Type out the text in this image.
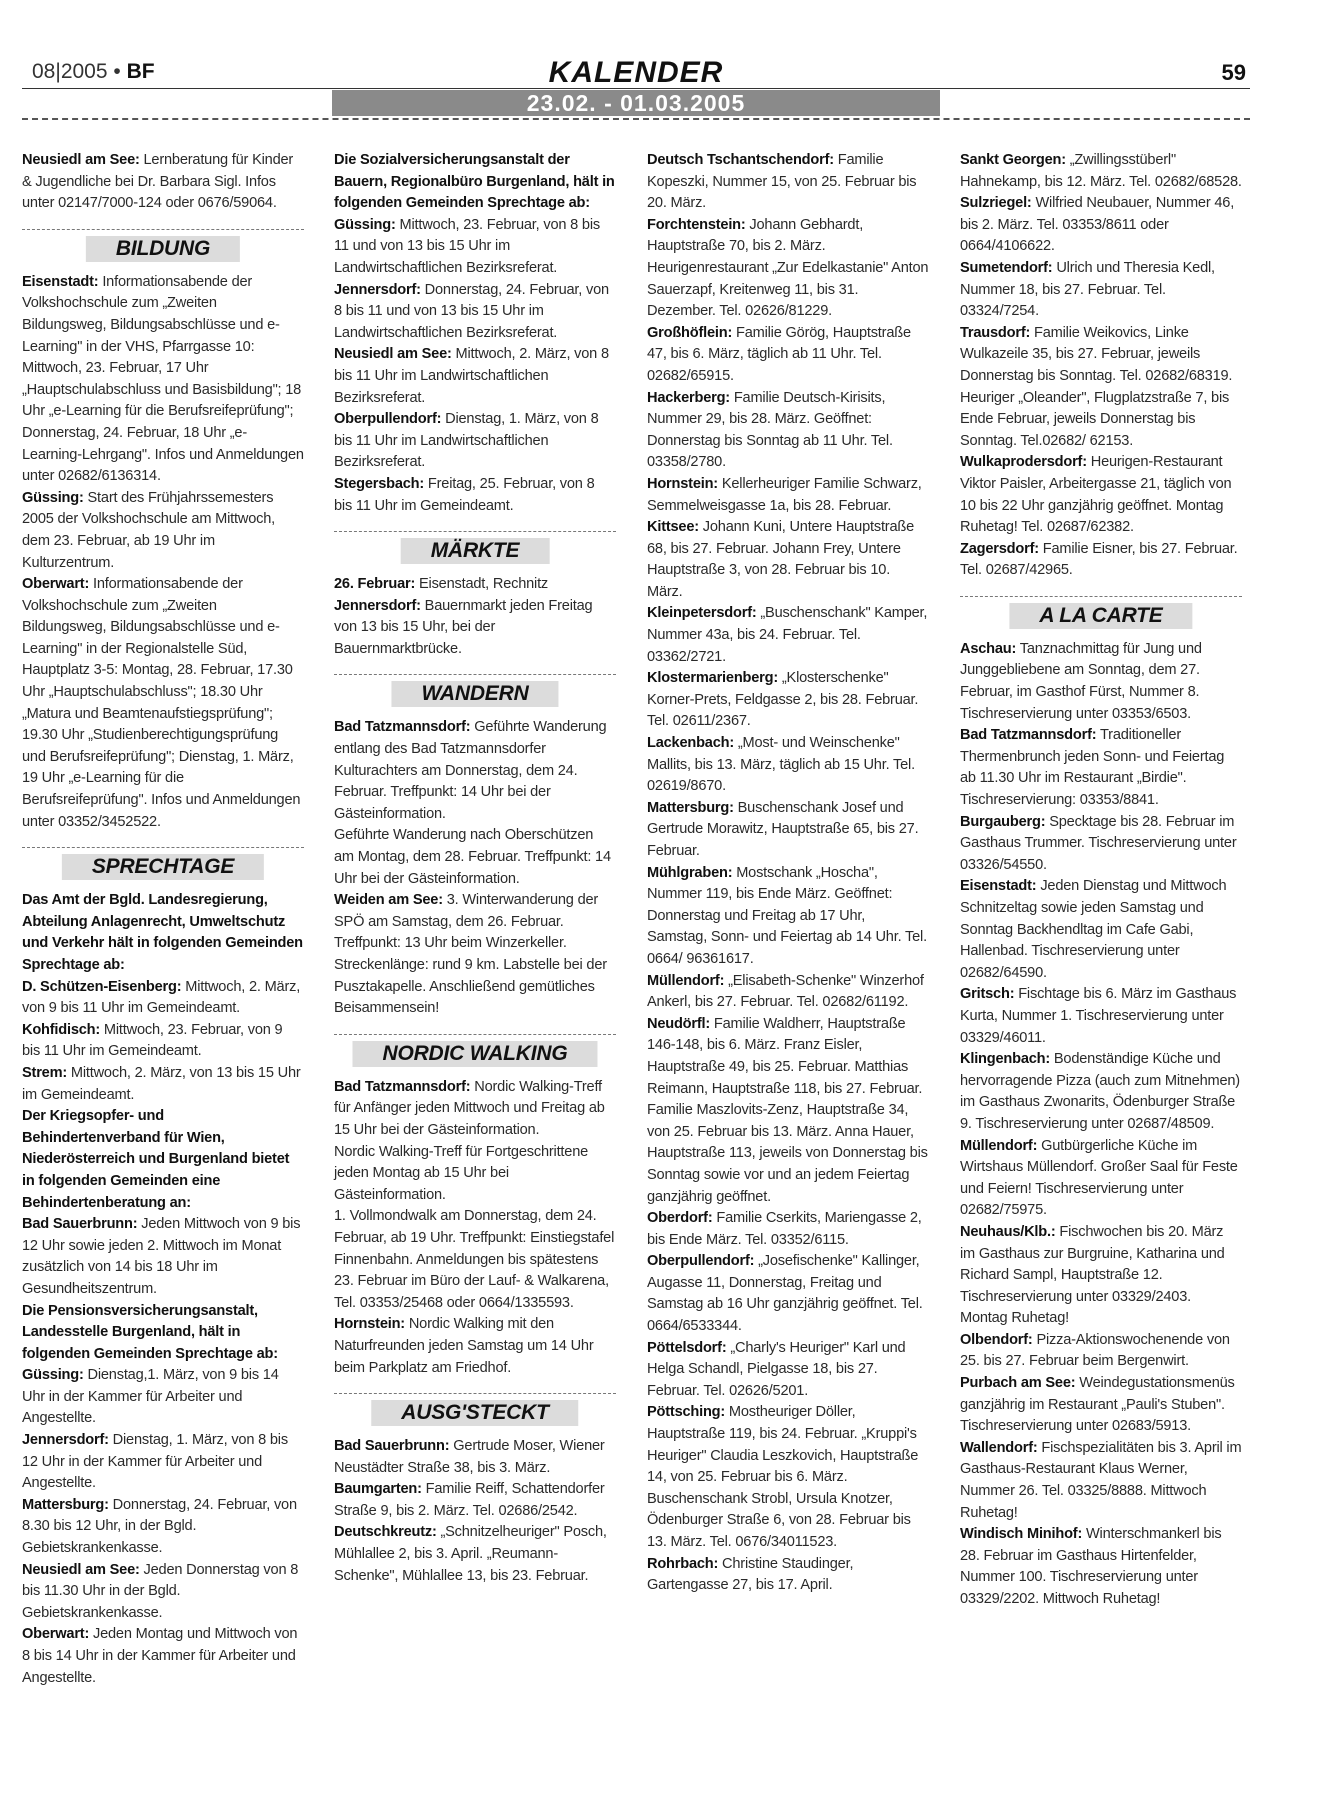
08|2005 • BF	KALENDER	59
23.02. - 01.03.2005

Neusiedl am See: Lernberatung für Kinder & Jugendliche bei Dr. Barbara Sigl. Infos unter 02147/7000-124 oder 0676/59064.

BILDUNG

Eisenstadt: Informationsabende der Volkshochschule zum „Zweiten Bildungsweg, Bildungsabschlüsse und e-Learning" in der VHS, Pfarrgasse 10: Mittwoch, 23. Februar, 17 Uhr „Hauptschulabschluss und Basisbildung"; 18 Uhr „e-Learning für die Berufsreifeprüfung"; Donnerstag, 24. Februar, 18 Uhr „e-Learning-Lehrgang". Infos und Anmeldungen unter 02682/6136314.

Güssing: Start des Frühjahrssemesters 2005 der Volkshochschule am Mittwoch, dem 23. Februar, ab 19 Uhr im Kulturzentrum.

Oberwart: Informationsabende der Volkshochschule zum „Zweiten Bildungsweg, Bildungsabschlüsse und e-Learning" in der Regionalstelle Süd, Hauptplatz 3-5: Montag, 28. Februar, 17.30 Uhr „Hauptschulabschluss"; 18.30 Uhr „Matura und Beamtenaufstiegsprüfung"; 19.30 Uhr „Studienberechtigungsprüfung und Berufsreifeprüfung"; Dienstag, 1. März, 19 Uhr „e-Learning für die Berufsreifeprüfung". Infos und Anmeldungen unter 03352/3452522.

SPRECHTAGE

Das Amt der Bgld. Landesregierung, Abteilung Anlagenrecht, Umweltschutz und Verkehr hält in folgenden Gemeinden Sprechtage ab:

D. Schützen-Eisenberg: Mittwoch, 2. März, von 9 bis 11 Uhr im Gemeindeamt.

Kohfidisch: Mittwoch, 23. Februar, von 9 bis 11 Uhr im Gemeindeamt.

Strem: Mittwoch, 2. März, von 13 bis 15 Uhr im Gemeindeamt.

Der Kriegsopfer- und Behindertenverband für Wien, Niederösterreich und Burgenland bietet in folgenden Gemeinden eine Behindertenberatung an:

Bad Sauerbrunn: Jeden Mittwoch von 9 bis 12 Uhr sowie jeden 2. Mittwoch im Monat zusätzlich von 14 bis 18 Uhr im Gesundheitszentrum.

Die Pensionsversicherungsanstalt, Landesstelle Burgenland, hält in folgenden Gemeinden Sprechtage ab:

Güssing: Dienstag,1. März, von 9 bis 14 Uhr in der Kammer für Arbeiter und Angestellte.

Jennersdorf: Dienstag, 1. März, von 8 bis 12 Uhr in der Kammer für Arbeiter und Angestellte.

Mattersburg: Donnerstag, 24. Februar, von 8.30 bis 12 Uhr, in der Bgld. Gebietskrankenkasse.

Neusiedl am See: Jeden Donnerstag von 8 bis 11.30 Uhr in der Bgld. Gebietskrankenkasse.

Oberwart: Jeden Montag und Mittwoch von 8 bis 14 Uhr in der Kammer für Arbeiter und Angestellte.

Die Sozialversicherungsanstalt der Bauern, Regionalbüro Burgenland, hält in folgenden Gemeinden Sprechtage ab:

Güssing: Mittwoch, 23. Februar, von 8 bis 11 und von 13 bis 15 Uhr im Landwirtschaftlichen Bezirksreferat.

Jennersdorf: Donnerstag, 24. Februar, von 8 bis 11 und von 13 bis 15 Uhr im Landwirtschaftlichen Bezirksreferat.

Neusiedl am See: Mittwoch, 2. März, von 8 bis 11 Uhr im Landwirtschaftlichen Bezirksreferat.

Oberpullendorf: Dienstag, 1. März, von 8 bis 11 Uhr im Landwirtschaftlichen Bezirksreferat.

Stegersbach: Freitag, 25. Februar, von 8 bis 11 Uhr im Gemeindeamt.

MÄRKTE

26. Februar: Eisenstadt, Rechnitz

Jennersdorf: Bauernmarkt jeden Freitag von 13 bis 15 Uhr, bei der Bauernmarktbrücke.

WANDERN

Bad Tatzmannsdorf: Geführte Wanderung entlang des Bad Tatzmannsdorfer Kulturachters am Donnerstag, dem 24. Februar. Treffpunkt: 14 Uhr bei der Gästeinformation.

Geführte Wanderung nach Oberschützen am Montag, dem 28. Februar. Treffpunkt: 14 Uhr bei der Gästeinformation.

Weiden am See: 3. Winterwanderung der SPÖ am Samstag, dem 26. Februar. Treffpunkt: 13 Uhr beim Winzerkeller. Streckenlänge: rund 9 km. Labstelle bei der Pusztakapelle. Anschließend gemütliches Beisammensein!

NORDIC WALKING

Bad Tatzmannsdorf: Nordic Walking-Treff für Anfänger jeden Mittwoch und Freitag ab 15 Uhr bei der Gästeinformation.

Nordic Walking-Treff für Fortgeschrittene jeden Montag ab 15 Uhr bei Gästeinformation.

1. Vollmondwalk am Donnerstag, dem 24. Februar, ab 19 Uhr. Treffpunkt: Einstiegstafel Finnenbahn. Anmeldungen bis spätestens 23. Februar im Büro der Lauf- & Walkarena, Tel. 03353/25468 oder 0664/1335593.

Hornstein: Nordic Walking mit den Naturfreunden jeden Samstag um 14 Uhr beim Parkplatz am Friedhof.

AUSG'STECKT

Bad Sauerbrunn: Gertrude Moser, Wiener Neustädter Straße 38, bis 3. März.

Baumgarten: Familie Reiff, Schattendorfer Straße 9, bis 2. März. Tel. 02686/2542.

Deutschkreutz: „Schnitzelheuriger" Posch, Mühlallee 2, bis 3. April. „Reumann-Schenke", Mühlallee 13, bis 23. Februar.

Deutsch Tschantschendorf: Familie Kopeszki, Nummer 15, von 25. Februar bis 20. März.

Forchtenstein: Johann Gebhardt, Hauptstraße 70, bis 2. März. Heurigenrestaurant „Zur Edelkastanie" Anton Sauerzapf, Kreitenweg 11, bis 31. Dezember. Tel. 02626/81229.

Großhöflein: Familie Görög, Hauptstraße 47, bis 6. März, täglich ab 11 Uhr. Tel. 02682/65915.

Hackerberg: Familie Deutsch-Kirisits, Nummer 29, bis 28. März. Geöffnet: Donnerstag bis Sonntag ab 11 Uhr. Tel. 03358/2780.

Hornstein: Kellerheuriger Familie Schwarz, Semmelweisgasse 1a, bis 28. Februar.

Kittsee: Johann Kuni, Untere Hauptstraße 68, bis 27. Februar. Johann Frey, Untere Hauptstraße 3, von 28. Februar bis 10. März.

Kleinpetersdorf: „Buschenschank" Kamper, Nummer 43a, bis 24. Februar. Tel. 03362/2721.

Klostermarienberg: „Klosterschenke" Korner-Prets, Feldgasse 2, bis 28. Februar. Tel. 02611/2367.

Lackenbach: „Most- und Weinschenke" Mallits, bis 13. März, täglich ab 15 Uhr. Tel. 02619/8670.

Mattersburg: Buschenschank Josef und Gertrude Morawitz, Hauptstraße 65, bis 27. Februar.

Mühlgraben: Mostschank „Hoscha", Nummer 119, bis Ende März. Geöffnet: Donnerstag und Freitag ab 17 Uhr, Samstag, Sonn- und Feiertag ab 14 Uhr. Tel. 0664/ 96361617.

Müllendorf: „Elisabeth-Schenke" Winzerhof Ankerl, bis 27. Februar. Tel. 02682/61192.

Neudörfl: Familie Waldherr, Hauptstraße 146-148, bis 6. März. Franz Eisler, Hauptstraße 49, bis 25. Februar. Matthias Reimann, Hauptstraße 118, bis 27. Februar. Familie Maszlovits-Zenz, Hauptstraße 34, von 25. Februar bis 13. März. Anna Hauer, Hauptstraße 113, jeweils von Donnerstag bis Sonntag sowie vor und an jedem Feiertag ganzjährig geöffnet.

Oberdorf: Familie Cserkits, Mariengasse 2, bis Ende März. Tel. 03352/6115.

Oberpullendorf: „Josefischenke" Kallinger, Augasse 11, Donnerstag, Freitag und Samstag ab 16 Uhr ganzjährig geöffnet. Tel. 0664/6533344.

Pöttelsdorf: „Charly's Heuriger" Karl und Helga Schandl, Pielgasse 18, bis 27. Februar. Tel. 02626/5201.

Pöttsching: Mostheuriger Döller, Hauptstraße 119, bis 24. Februar. „Kruppi's Heuriger" Claudia Leszkovich, Hauptstraße 14, von 25. Februar bis 6. März. Buschenschank Strobl, Ursula Knotzer, Ödenburger Straße 6, von 28. Februar bis 13. März. Tel. 0676/34011523.

Rohrbach: Christine Staudinger, Gartengasse 27, bis 17. April.

Sankt Georgen: „Zwillingsstüberl" Hahnekamp, bis 12. März. Tel. 02682/68528.

Sulzriegel: Wilfried Neubauer, Nummer 46, bis 2. März. Tel. 03353/8611 oder 0664/4106622.

Sumetendorf: Ulrich und Theresia Kedl, Nummer 18, bis 27. Februar. Tel. 03324/7254.

Trausdorf: Familie Weikovics, Linke Wulkazeile 35, bis 27. Februar, jeweils Donnerstag bis Sonntag. Tel. 02682/68319. Heuriger „Oleander", Flugplatzstraße 7, bis Ende Februar, jeweils Donnerstag bis Sonntag. Tel.02682/ 62153.

Wulkaprodersdorf: Heurigen-Restaurant Viktor Paisler, Arbeitergasse 21, täglich von 10 bis 22 Uhr ganzjährig geöffnet. Montag Ruhetag! Tel. 02687/62382.

Zagersdorf: Familie Eisner, bis 27. Februar. Tel. 02687/42965.

A LA CARTE

Aschau: Tanznachmittag für Jung und Junggebliebene am Sonntag, dem 27. Februar, im Gasthof Fürst, Nummer 8. Tischreservierung unter 03353/6503.

Bad Tatzmannsdorf: Traditioneller Thermenbrunch jeden Sonn- und Feiertag ab 11.30 Uhr im Restaurant „Birdie". Tischreservierung: 03353/8841.

Burgauberg: Specktage bis 28. Februar im Gasthaus Trummer. Tischreservierung unter 03326/54550.

Eisenstadt: Jeden Dienstag und Mittwoch Schnitzeltag sowie jeden Samstag und Sonntag Backhendltag im Cafe Gabi, Hallenbad. Tischreservierung unter 02682/64590.

Gritsch: Fischtage bis 6. März im Gasthaus Kurta, Nummer 1. Tischreservierung unter 03329/46011.

Klingenbach: Bodenständige Küche und hervorragende Pizza (auch zum Mitnehmen) im Gasthaus Zwonarits, Ödenburger Straße 9. Tischreservierung unter 02687/48509.

Müllendorf: Gutbürgerliche Küche im Wirtshaus Müllendorf. Großer Saal für Feste und Feiern! Tischreservierung unter 02682/75975.

Neuhaus/Klb.: Fischwochen bis 20. März im Gasthaus zur Burgruine, Katharina und Richard Sampl, Hauptstraße 12. Tischreservierung unter 03329/2403. Montag Ruhetag!

Olbendorf: Pizza-Aktionswochenende von 25. bis 27. Februar beim Bergenwirt.

Purbach am See: Weindegustationsmenüs ganzjährig im Restaurant „Pauli's Stuben". Tischreservierung unter 02683/5913.

Wallendorf: Fischspezialitäten bis 3. April im Gasthaus-Restaurant Klaus Werner, Nummer 26. Tel. 03325/8888. Mittwoch Ruhetag!

Windisch Minihof: Winterschmankerl bis 28. Februar im Gasthaus Hirtenfelder, Nummer 100. Tischreservierung unter 03329/2202. Mittwoch Ruhetag!
